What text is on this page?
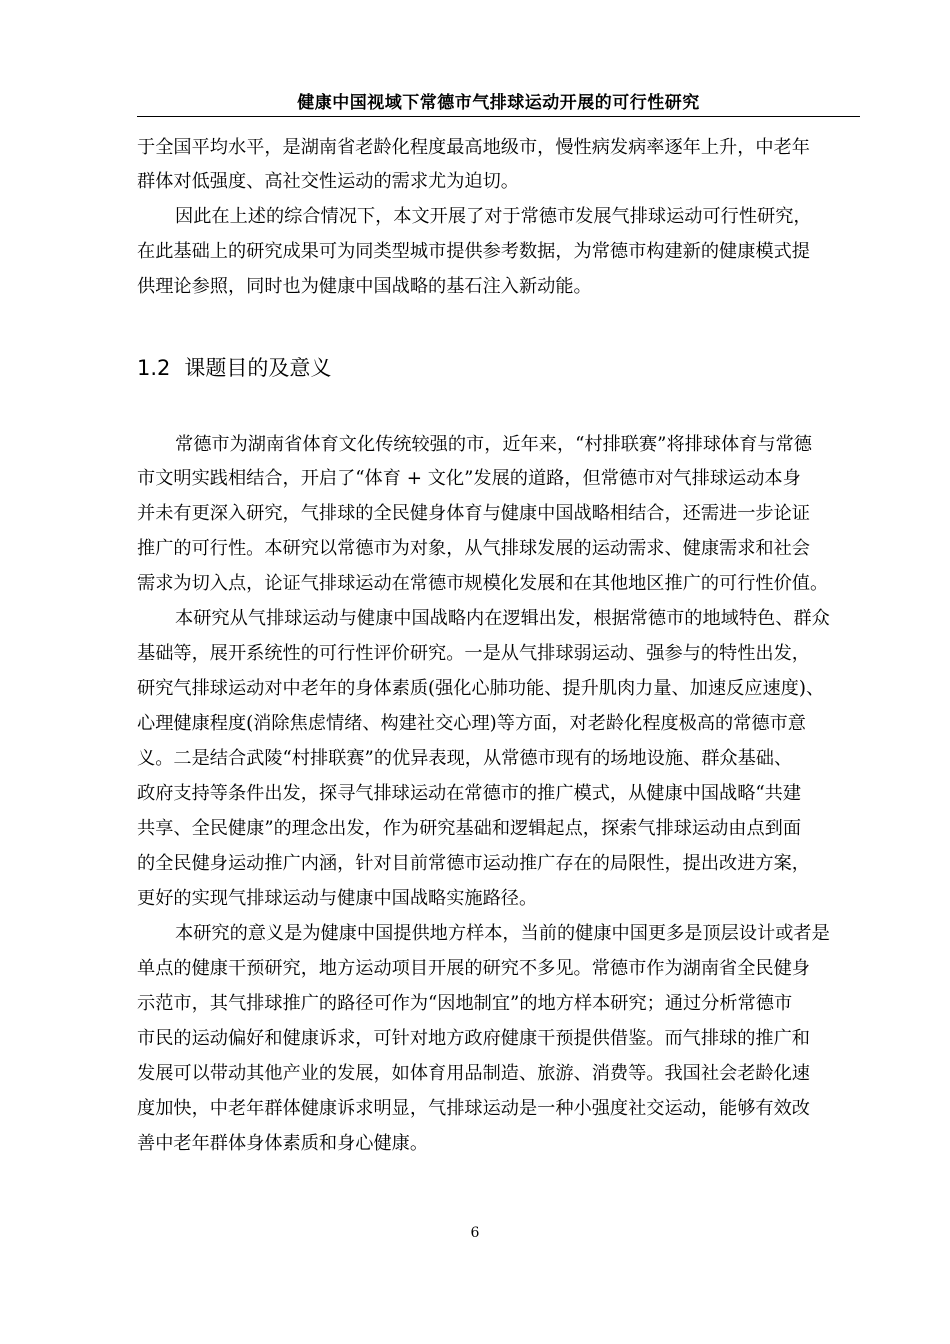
健康中国视域下常德市气排球运动开展的可行性研究
于全国平均水平，是湖南省老龄化程度最高地级市，慢性病发病率逐年上升，中老年
群体对低强度、高社交性运动的需求尤为迫切。
因此在上述的综合情况下，本文开展了对于常德市发展气排球运动可行性研究，
在此基础上的研究成果可为同类型城市提供参考数据，为常德市构建新的健康模式提
供理论参照，同时也为健康中国战略的基石注入新动能。
1.2 课题目的及意义
常德市为湖南省体育文化传统较强的市，近年来，“村排联赛”将排球体育与常德
市文明实践相结合，开启了“体育 + 文化”发展的道路，但常德市对气排球运动本身
并未有更深入研究，气排球的全民健身体育与健康中国战略相结合，还需进一步论证
推广的可行性。本研究以常德市为对象，从气排球发展的运动需求、健康需求和社会
需求为切入点，论证气排球运动在常德市规模化发展和在其他地区推广的可行性价值。
本研究从气排球运动与健康中国战略内在逻辑出发，根据常德市的地域特色、群众
基础等，展开系统性的可行性评价研究。一是从气排球弱运动、强参与的特性出发，
研究气排球运动对中老年的身体素质(强化心肺功能、提升肌肉力量、加速反应速度)、
心理健康程度(消除焦虑情绪、构建社交心理)等方面，对老龄化程度极高的常德市意
义。二是结合武陵“村排联赛”的优异表现，从常德市现有的场地设施、群众基础、
政府支持等条件出发，探寻气排球运动在常德市的推广模式，从健康中国战略“共建
共享、全民健康”的理念出发，作为研究基础和逻辑起点，探索气排球运动由点到面
的全民健身运动推广内涵，针对目前常德市运动推广存在的局限性，提出改进方案，
更好的实现气排球运动与健康中国战略实施路径。
本研究的意义是为健康中国提供地方样本，当前的健康中国更多是顶层设计或者是
单点的健康干预研究，地方运动项目开展的研究不多见。常德市作为湖南省全民健身
示范市，其气排球推广的路径可作为“因地制宜”的地方样本研究；通过分析常德市
市民的运动偏好和健康诉求，可针对地方政府健康干预提供借鉴。而气排球的推广和
发展可以带动其他产业的发展，如体育用品制造、旅游、消费等。我国社会老龄化速
度加快，中老年群体健康诉求明显，气排球运动是一种小强度社交运动，能够有效改
善中老年群体身体素质和身心健康。
6
